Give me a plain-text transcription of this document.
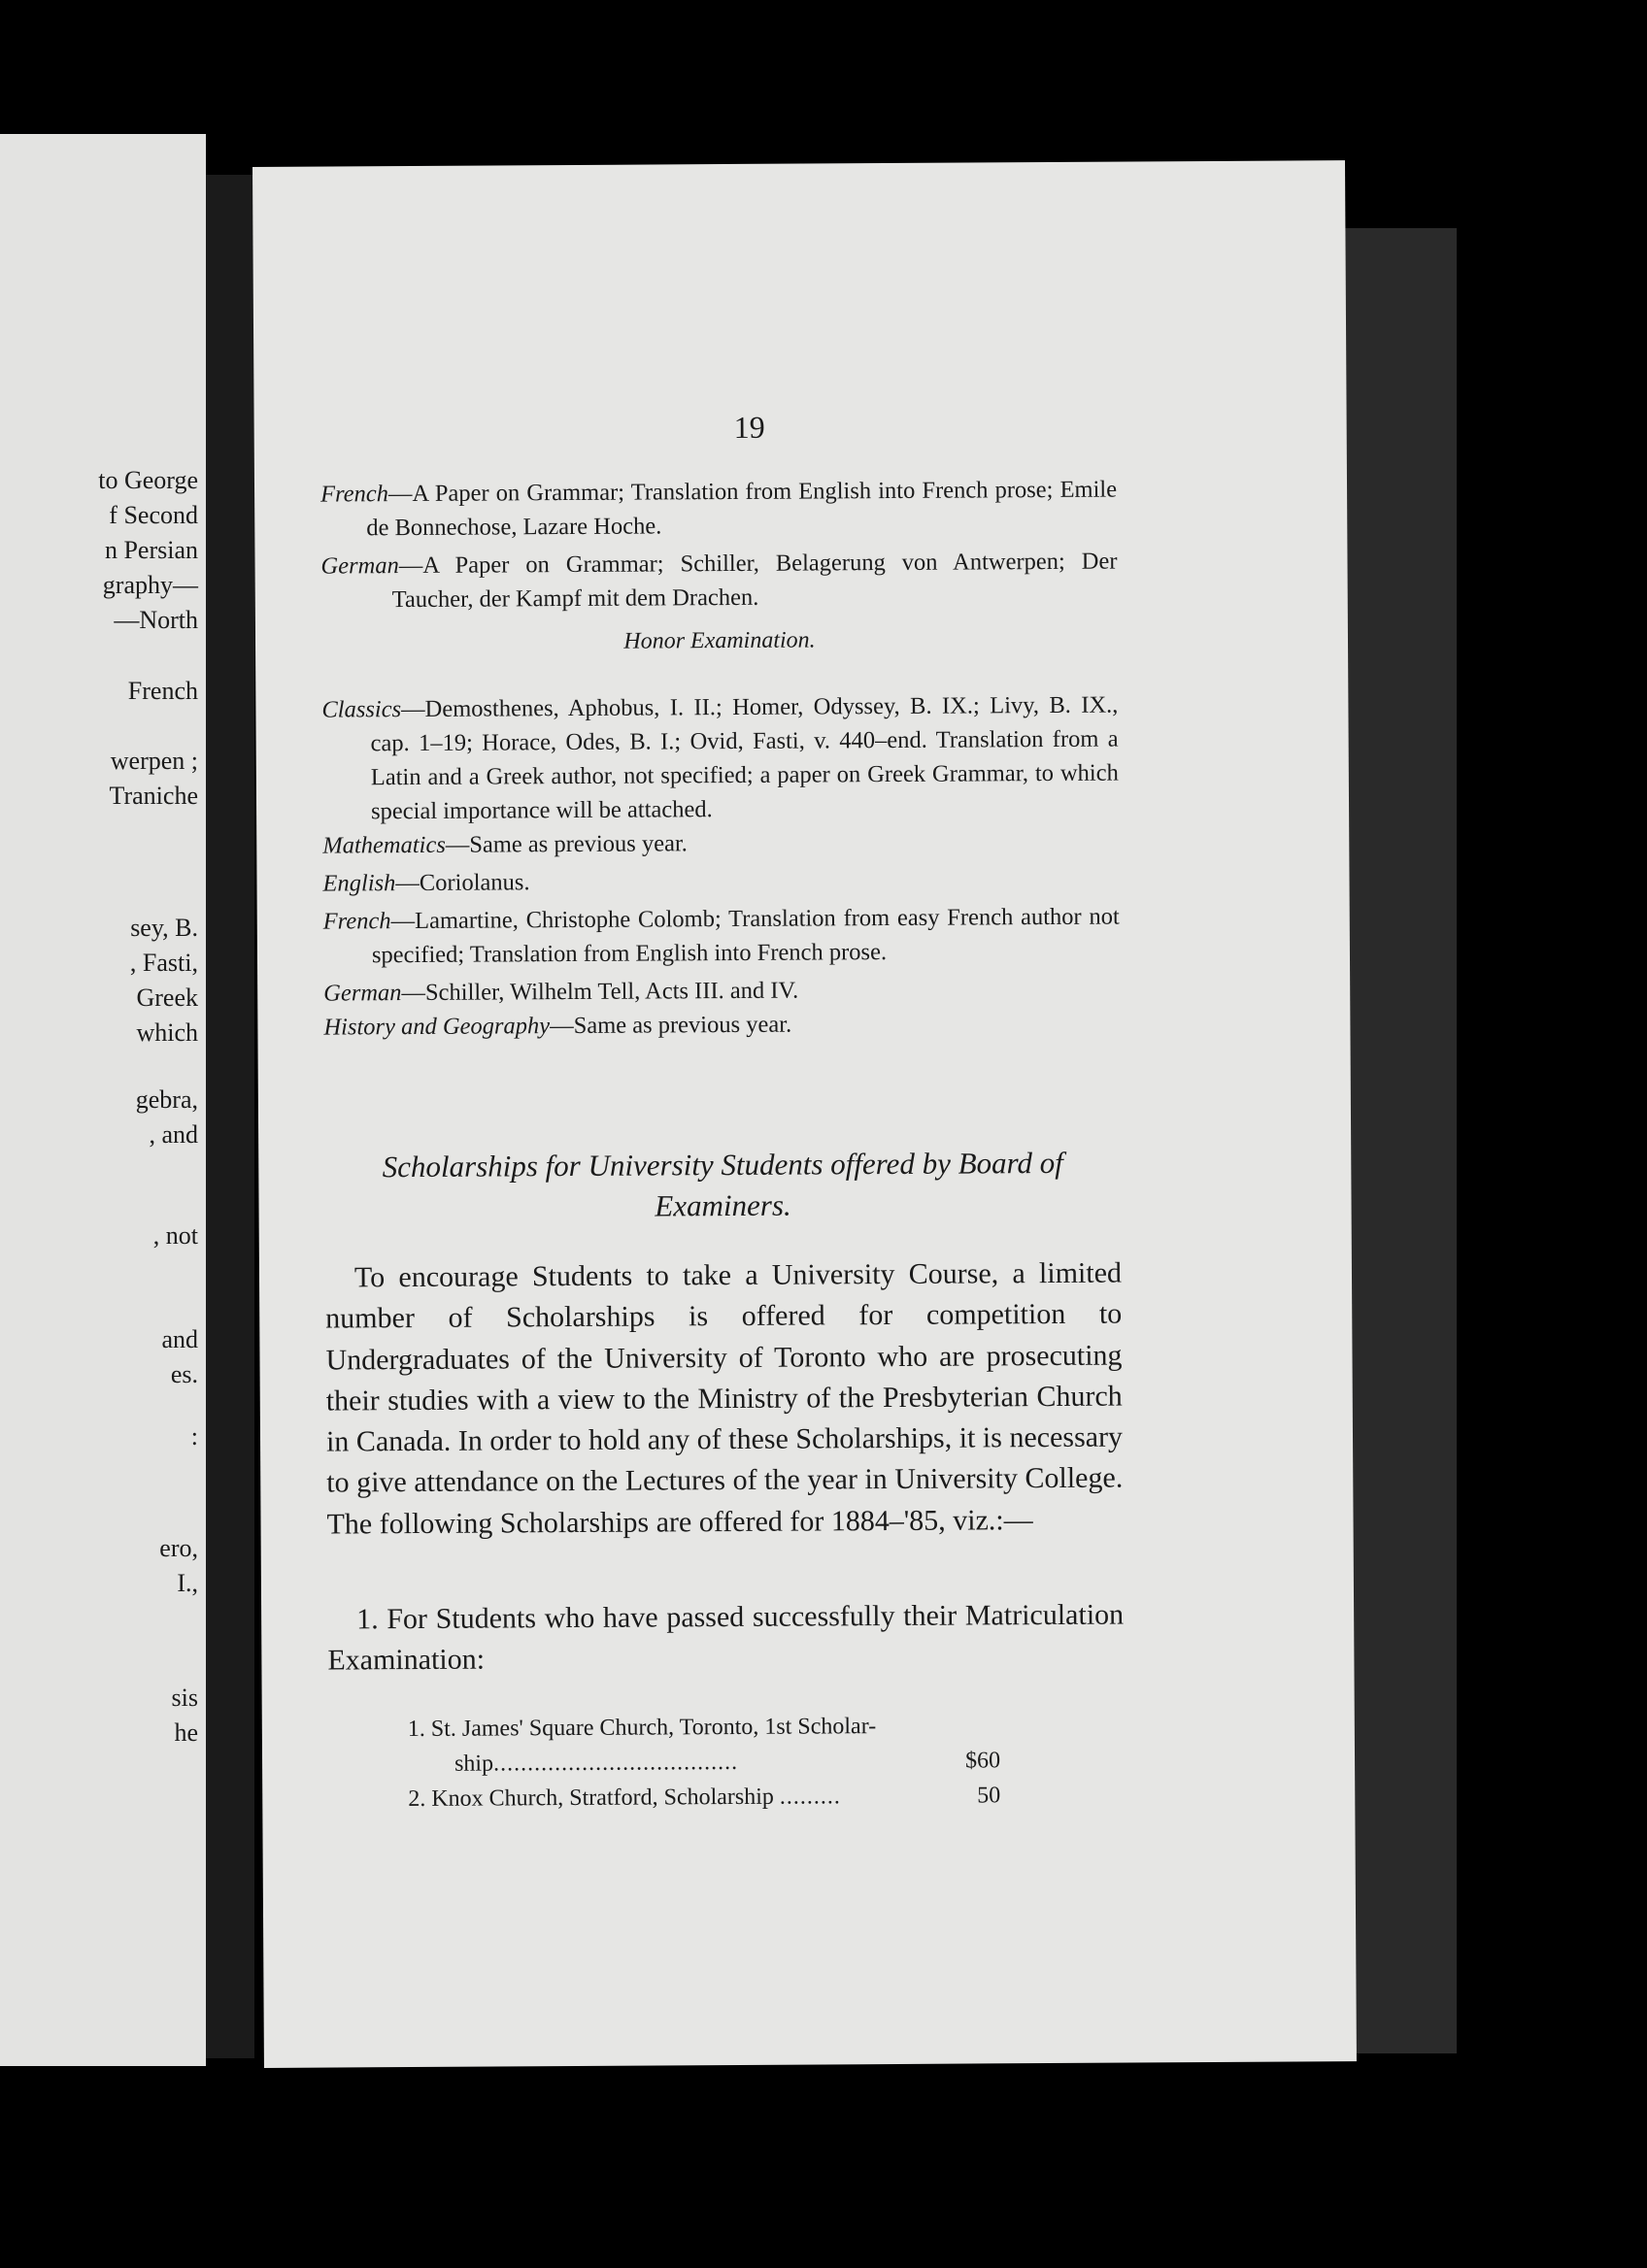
to George
f Second
n Persian
graphy—
—North
French
werpen ;
Traniche
sey, B.
, Fasti,
Greek
which
gebra,
, and
, not
and
es.
:
ero,
I.,
sis
he
19

French—A Paper on Grammar; Translation from English into French prose; Emile de Bonnechose, Lazare Hoche.

German—A Paper on Grammar; Schiller, Belagerung von Antwerpen; Der Taucher, der Kampf mit dem Drachen.

Honor Examination.

Classics—Demosthenes, Aphobus, I. II.; Homer, Odyssey, B. IX.; Livy, B. IX., cap. 1–19; Horace, Odes, B. I.; Ovid, Fasti, v. 440–end. Translation from a Latin and a Greek author, not specified; a paper on Greek Grammar, to which special importance will be attached.

Mathematics—Same as previous year.

English—Coriolanus.

French—Lamartine, Christophe Colomb; Translation from easy French author not specified; Translation from English into French prose.

German—Schiller, Wilhelm Tell, Acts III. and IV.

History and Geography—Same as previous year.

Scholarships for University Students offered by Board of Examiners.

To encourage Students to take a University Course, a limited number of Scholarships is offered for competition to Undergraduates of the University of Toronto who are prosecuting their studies with a view to the Ministry of the Presbyterian Church in Canada. In order to hold any of these Scholarships, it is necessary to give attendance on the Lectures of the year in University College. The following Scholarships are offered for 1884–'85, viz.:—

1. For Students who have passed successfully their Matriculation Examination:

1. St. James' Square Church, Toronto, 1st Scholar-
ship....................................	$60
2. Knox Church, Stratford, Scholarship .........	50
